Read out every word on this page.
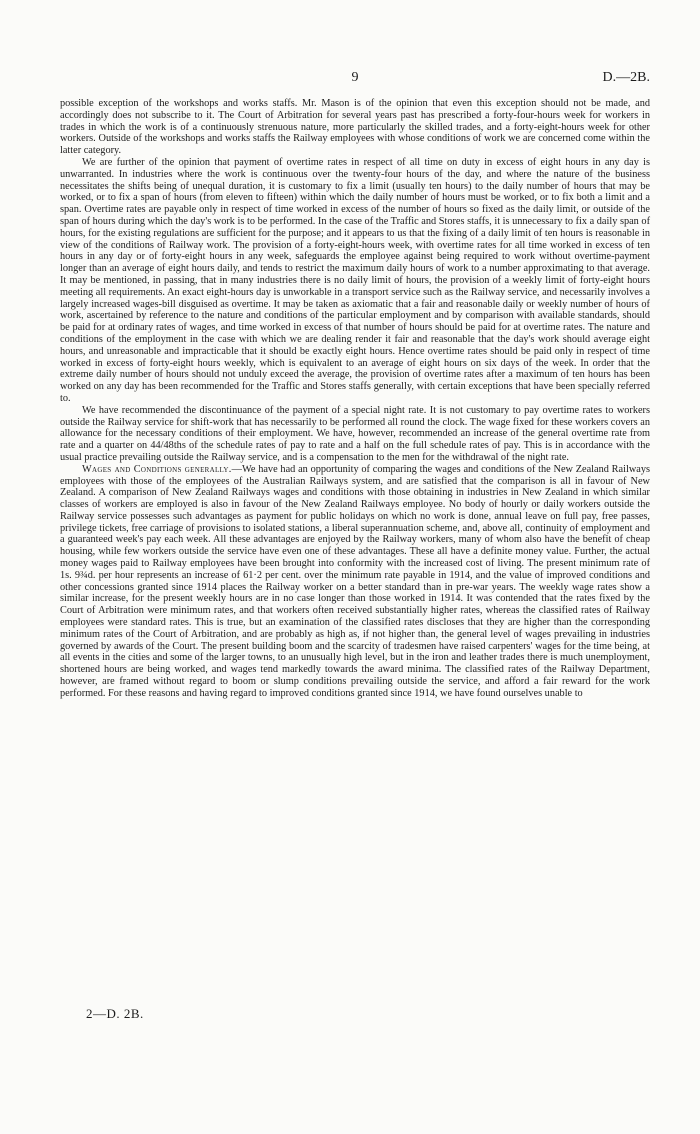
9	D.—2B.

possible exception of the workshops and works staffs. Mr. Mason is of the opinion that even this exception should not be made, and accordingly does not subscribe to it. The Court of Arbitration for several years past has prescribed a forty-four-hours week for workers in trades in which the work is of a continuously strenuous nature, more particularly the skilled trades, and a forty-eight-hours week for other workers. Outside of the workshops and works staffs the Railway employees with whose conditions of work we are concerned come within the latter category.

We are further of the opinion that payment of overtime rates in respect of all time on duty in excess of eight hours in any day is unwarranted. In industries where the work is continuous over the twenty-four hours of the day, and where the nature of the business necessitates the shifts being of unequal duration, it is customary to fix a limit (usually ten hours) to the daily number of hours that may be worked, or to fix a span of hours (from eleven to fifteen) within which the daily number of hours must be worked, or to fix both a limit and a span. Overtime rates are payable only in respect of time worked in excess of the number of hours so fixed as the daily limit, or outside of the span of hours during which the day's work is to be performed. In the case of the Traffic and Stores staffs, it is unnecessary to fix a daily span of hours, for the existing regulations are sufficient for the purpose; and it appears to us that the fixing of a daily limit of ten hours is reasonable in view of the conditions of Railway work. The provision of a forty-eight-hours week, with overtime rates for all time worked in excess of ten hours in any day or of forty-eight hours in any week, safeguards the employee against being required to work without overtime-payment longer than an average of eight hours daily, and tends to restrict the maximum daily hours of work to a number approximating to that average. It may be mentioned, in passing, that in many industries there is no daily limit of hours, the provision of a weekly limit of forty-eight hours meeting all requirements. An exact eight-hours day is unworkable in a transport service such as the Railway service, and necessarily involves a largely increased wages-bill disguised as overtime. It may be taken as axiomatic that a fair and reasonable daily or weekly number of hours of work, ascertained by reference to the nature and conditions of the particular employment and by comparison with available standards, should be paid for at ordinary rates of wages, and time worked in excess of that number of hours should be paid for at overtime rates. The nature and conditions of the employment in the case with which we are dealing render it fair and reasonable that the day's work should average eight hours, and unreasonable and impracticable that it should be exactly eight hours. Hence overtime rates should be paid only in respect of time worked in excess of forty-eight hours weekly, which is equivalent to an average of eight hours on six days of the week. In order that the extreme daily number of hours should not unduly exceed the average, the provision of overtime rates after a maximum of ten hours has been worked on any day has been recommended for the Traffic and Stores staffs generally, with certain exceptions that have been specially referred to.

We have recommended the discontinuance of the payment of a special night rate. It is not customary to pay overtime rates to workers outside the Railway service for shift-work that has necessarily to be performed all round the clock. The wage fixed for these workers covers an allowance for the necessary conditions of their employment. We have, however, recommended an increase of the general overtime rate from rate and a quarter on 44/48ths of the schedule rates of pay to rate and a half on the full schedule rates of pay. This is in accordance with the usual practice prevailing outside the Railway service, and is a compensation to the men for the withdrawal of the night rate.

Wages and Conditions generally.—We have had an opportunity of comparing the wages and conditions of the New Zealand Railways employees with those of the employees of the Australian Railways system, and are satisfied that the comparison is all in favour of New Zealand. A comparison of New Zealand Railways wages and conditions with those obtaining in industries in New Zealand in which similar classes of workers are employed is also in favour of the New Zealand Railways employee. No body of hourly or daily workers outside the Railway service possesses such advantages as payment for public holidays on which no work is done, annual leave on full pay, free passes, privilege tickets, free carriage of provisions to isolated stations, a liberal superannuation scheme, and, above all, continuity of employment and a guaranteed week's pay each week. All these advantages are enjoyed by the Railway workers, many of whom also have the benefit of cheap housing, while few workers outside the service have even one of these advantages. These all have a definite money value. Further, the actual money wages paid to Railway employees have been brought into conformity with the increased cost of living. The present minimum rate of 1s. 9¾d. per hour represents an increase of 61·2 per cent. over the minimum rate payable in 1914, and the value of improved conditions and other concessions granted since 1914 places the Railway worker on a better standard than in pre-war years. The weekly wage rates show a similar increase, for the present weekly hours are in no case longer than those worked in 1914. It was contended that the rates fixed by the Court of Arbitration were minimum rates, and that workers often received substantially higher rates, whereas the classified rates of Railway employees were standard rates. This is true, but an examination of the classified rates discloses that they are higher than the corresponding minimum rates of the Court of Arbitration, and are probably as high as, if not higher than, the general level of wages prevailing in industries governed by awards of the Court. The present building boom and the scarcity of tradesmen have raised carpenters' wages for the time being, at all events in the cities and some of the larger towns, to an unusually high level, but in the iron and leather trades there is much unemployment, shortened hours are being worked, and wages tend markedly towards the award minima. The classified rates of the Railway Department, however, are framed without regard to boom or slump conditions prevailing outside the service, and afford a fair reward for the work performed. For these reasons and having regard to improved conditions granted since 1914, we have found ourselves unable to

2—D. 2B.
